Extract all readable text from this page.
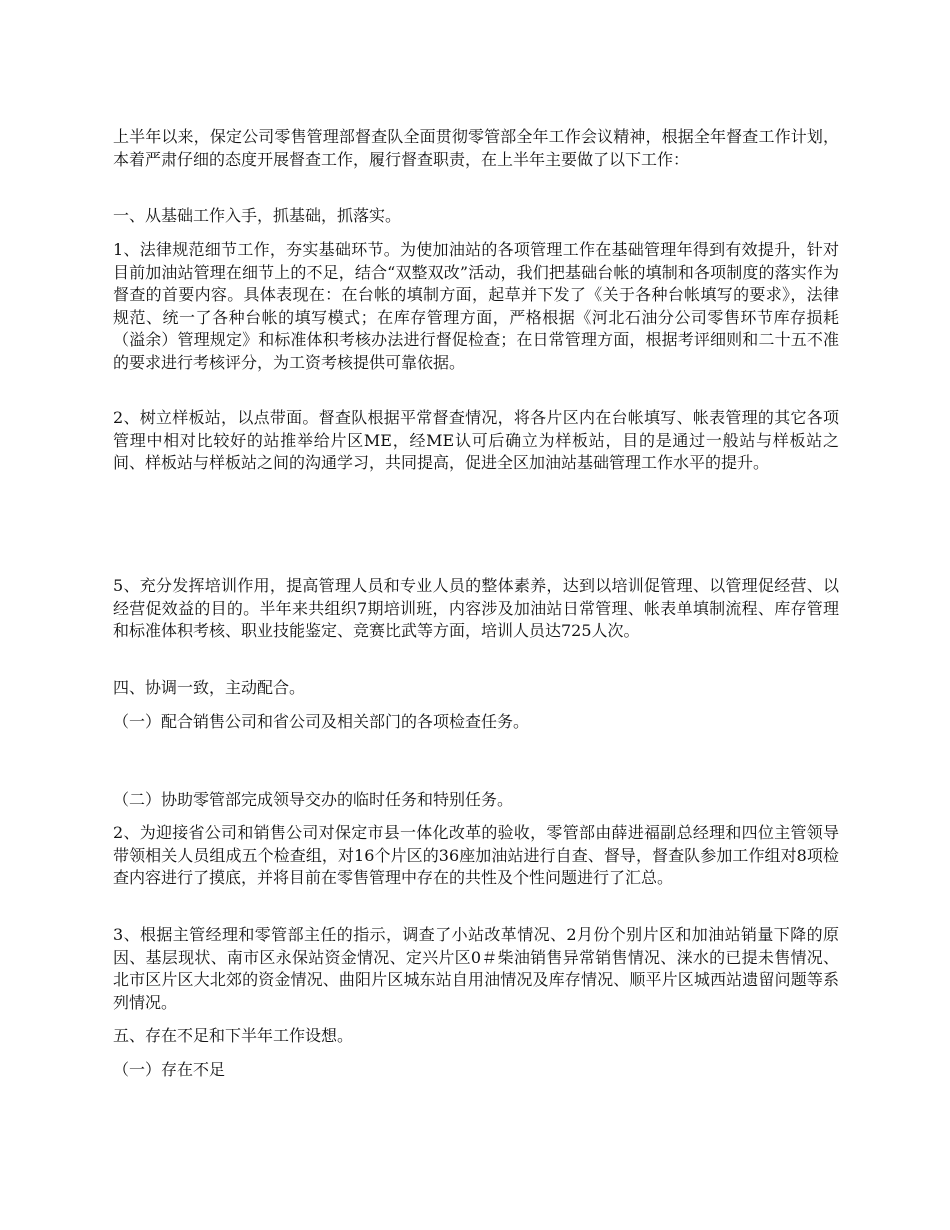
上半年以来，保定公司零售管理部督查队全面贯彻零管部全年工作会议精神，根据全年督查工作计划，本着严肃仔细的态度开展督查工作，履行督查职责，在上半年主要做了以下工作：

一、从基础工作入手，抓基础，抓落实。

1、法律规范细节工作，夯实基础环节。为使加油站的各项管理工作在基础管理年得到有效提升，针对目前加油站管理在细节上的不足，结合“双整双改”活动，我们把基础台帐的填制和各项制度的落实作为督查的首要内容。具体表现在：在台帐的填制方面，起草并下发了《关于各种台帐填写的要求》，法律规范、统一了各种台帐的填写模式；在库存管理方面，严格根据《河北石油分公司零售环节库存损耗（溢余）管理规定》和标准体积考核办法进行督促检查；在日常管理方面，根据考评细则和二十五不准的要求进行考核评分，为工资考核提供可靠依据。

2、树立样板站，以点带面。督查队根据平常督查情况，将各片区内在台帐填写、帐表管理的其它各项管理中相对比较好的站推举给片区ME，经ME认可后确立为样板站，目的是通过一般站与样板站之间、样板站与样板站之间的沟通学习，共同提高，促进全区加油站基础管理工作水平的提升。

5、充分发挥培训作用，提高管理人员和专业人员的整体素养，达到以培训促管理、以管理促经营、以经营促效益的目的。半年来共组织7期培训班，内容涉及加油站日常管理、帐表单填制流程、库存管理和标准体积考核、职业技能鉴定、竞赛比武等方面，培训人员达725人次。

四、协调一致，主动配合。

（一）配合销售公司和省公司及相关部门的各项检查任务。

（二）协助零管部完成领导交办的临时任务和特别任务。

2、为迎接省公司和销售公司对保定市县一体化改革的验收，零管部由薛进福副总经理和四位主管领导带领相关人员组成五个检查组，对16个片区的36座加油站进行自查、督导，督查队参加工作组对8项检查内容进行了摸底，并将目前在零售管理中存在的共性及个性问题进行了汇总。

3、根据主管经理和零管部主任的指示，调查了小站改革情况、2月份个别片区和加油站销量下降的原因、基层现状、南市区永保站资金情况、定兴片区0＃柴油销售异常销售情况、涞水的已提未售情况、北市区片区大北郊的资金情况、曲阳片区城东站自用油情况及库存情况、顺平片区城西站遗留问题等系列情况。

五、存在不足和下半年工作设想。

（一）存在不足
